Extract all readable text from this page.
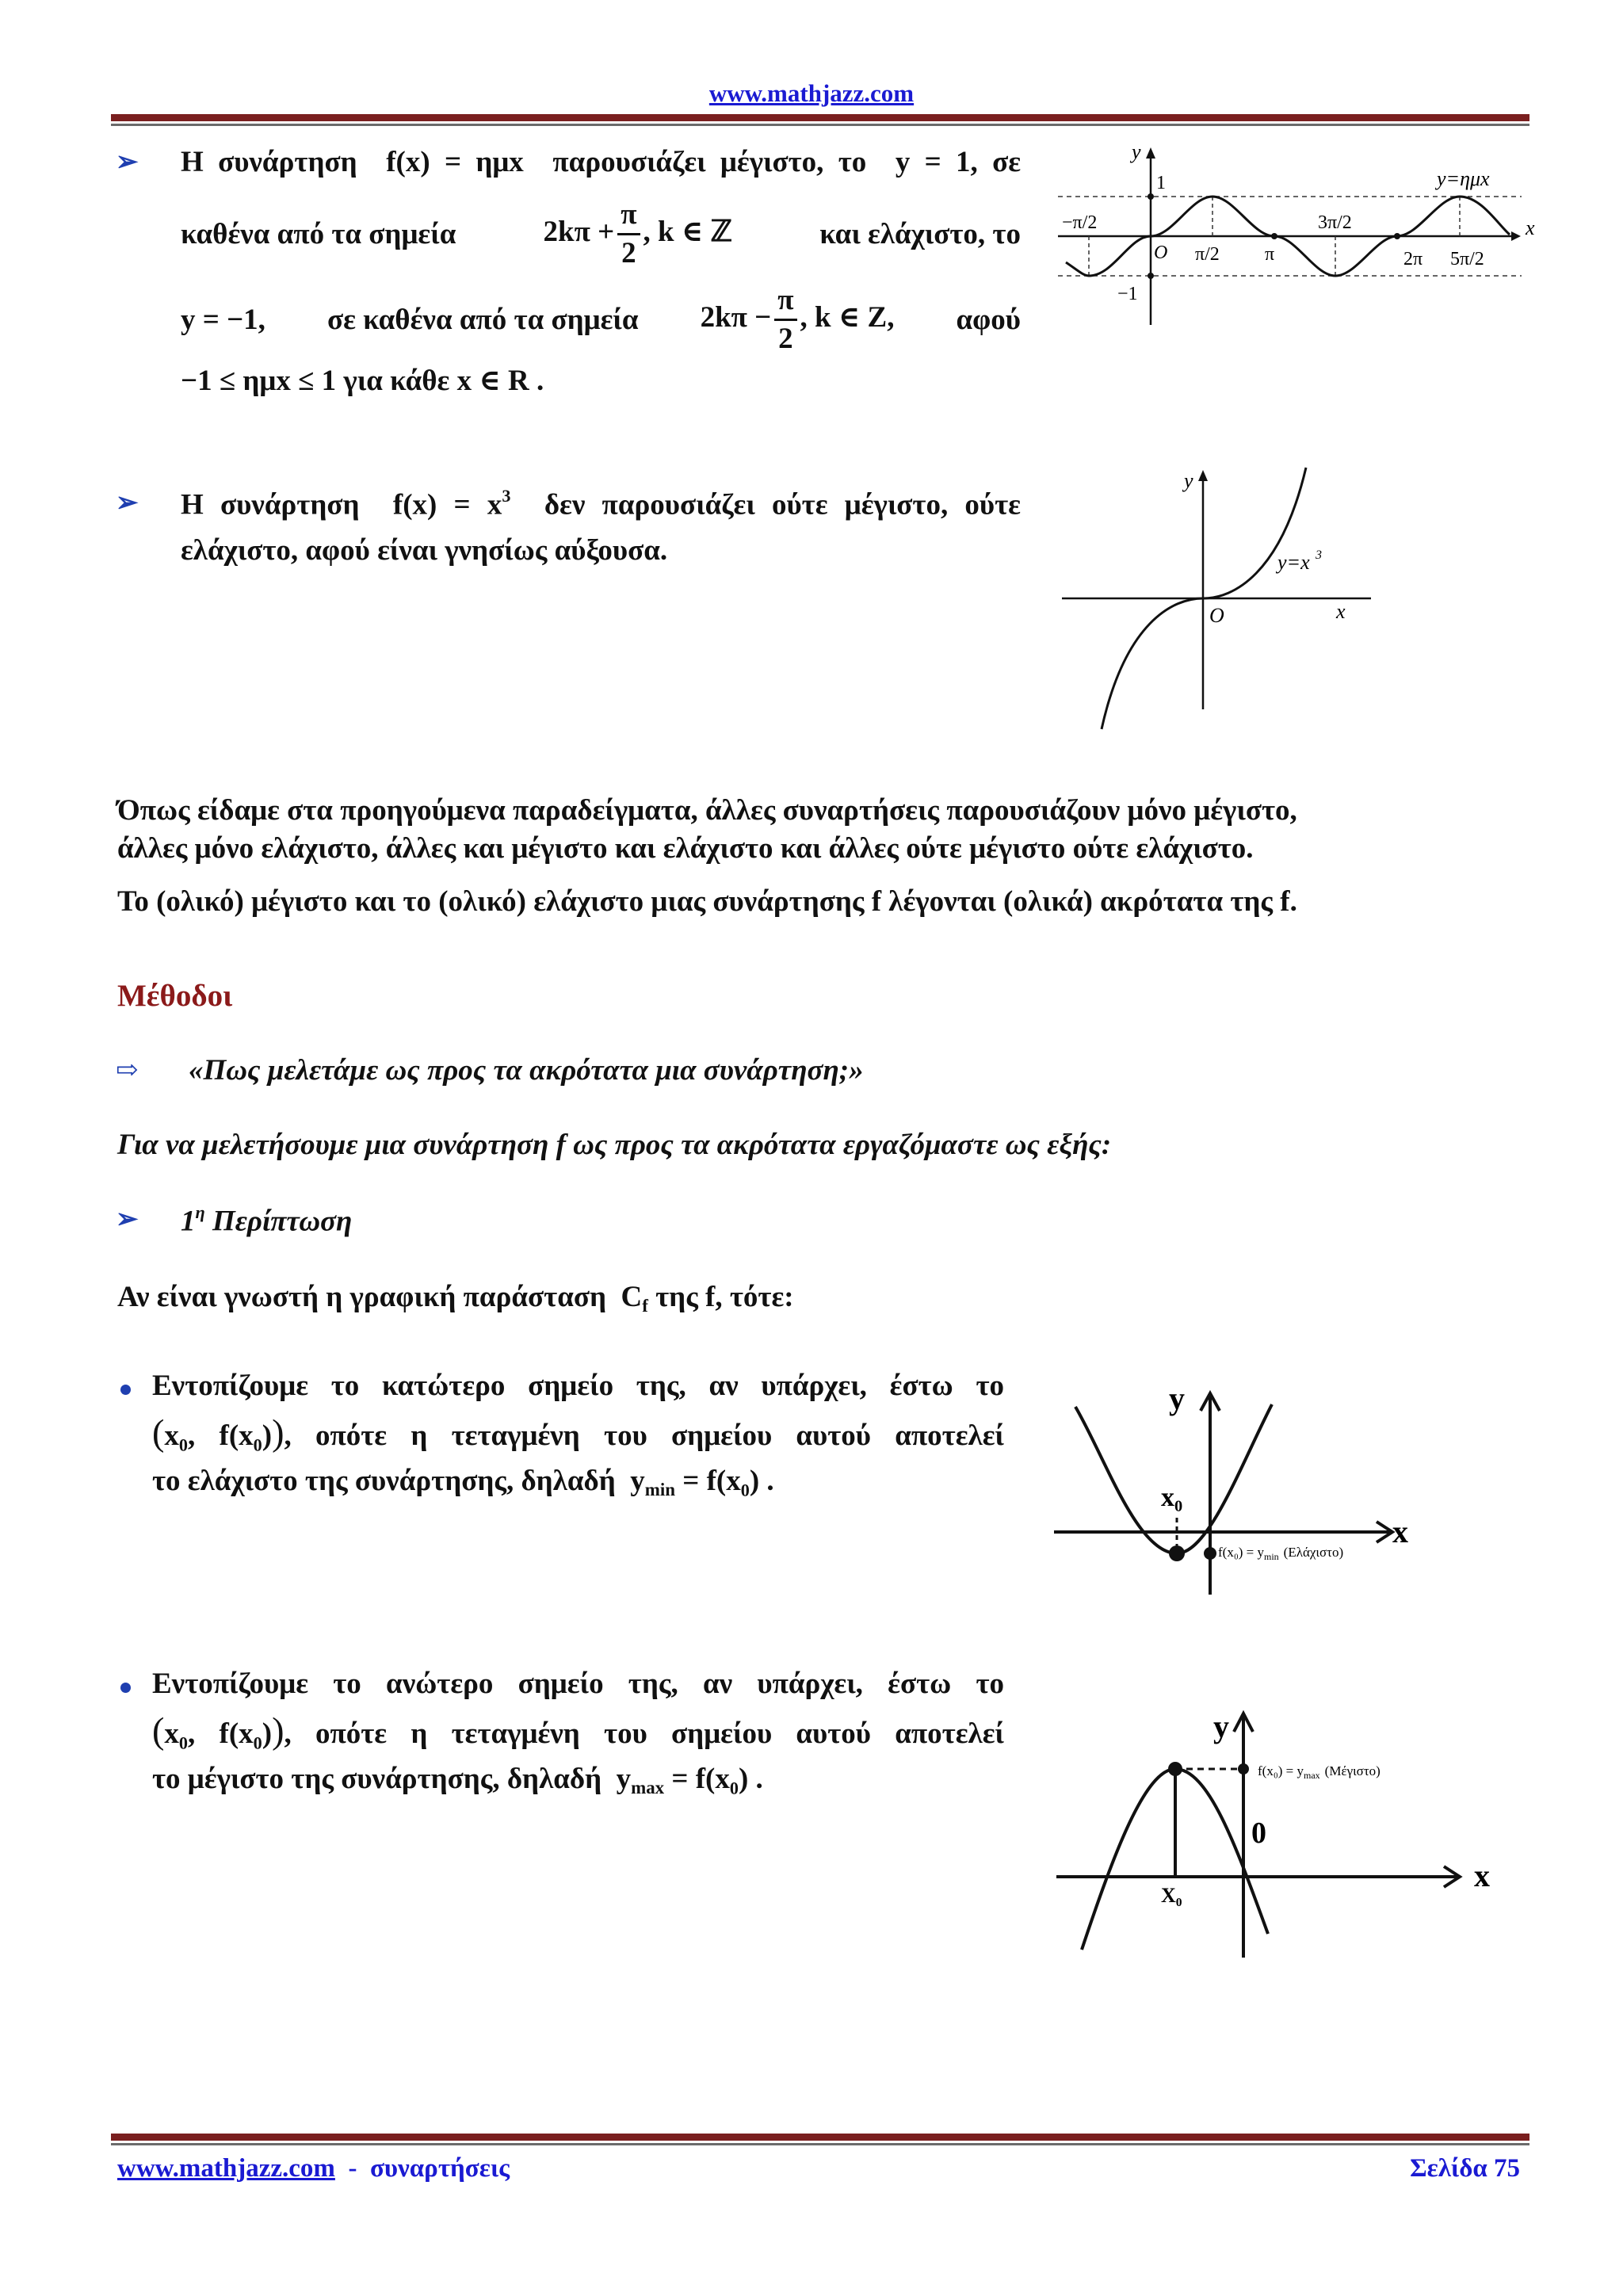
www.mathjazz.com
➢ Η συνάρτηση f(x) = ημx παρουσιάζει μέγιστο, το y = 1, σε
καθένα από τα σημεία	$2k\pi + \frac{\pi}{2}$ , k ∈ ℤ	και ελάχιστο, το
y = −1, σε καθένα από τα σημεία $2k\pi - \frac{\pi}{2}$ , k ∈ Z, αφού
−1 ≤ ημx ≤ 1 για κάθε x ∈ R .
y
x
1
−1
O
y=ημx
−π/2
π/2 π
3π/2
2π 5π/2
➢ Η συνάρτηση $f(x) = x^3$ δεν παρουσιάζει ούτε μέγιστο, ούτε
ελάχιστο, αφού είναι γνησίως αύξουσα.
y
x
O
y=x 3
Όπως είδαμε στα προηγούμενα παραδείγματα, άλλες συναρτήσεις παρουσιάζουν μόνο μέγιστο,
άλλες μόνο ελάχιστο, άλλες και μέγιστο και ελάχιστο και άλλες ούτε μέγιστο ούτε ελάχιστο.
Το (ολικό) μέγιστο και το (ολικό) ελάχιστο μιας συνάρτησης f λέγονται (ολικά) ακρότατα της f.
Μέθοδοι
⇨ «Πως μελετάμε ως προς τα ακρότατα μια συνάρτηση;»
Για να μελετήσουμε μια συνάρτηση f ως προς τα ακρότατα εργαζόμαστε ως εξής:
➢ $1^\eta$ Περίπτωση
Αν είναι γνωστή η γραφική παράσταση $C_f$ της f, τότε:
Εντοπίζουμε το κατώτερο σημείο της, αν υπάρχει, έστω το
(x₀, f(x₀)), οπότε η τεταγμένη του σημείου αυτού αποτελεί
το ελάχιστο της συνάρτησης, δηλαδή $y_{min} = f(x_0)$ .
y
x
x₀
$f(x_0) = y_{min}$ (Ελάχιστο)
Εντοπίζουμε το ανώτερο σημείο της, αν υπάρχει, έστω το
(x₀, f(x₀)), οπότε η τεταγμένη του σημείου αυτού αποτελεί
το μέγιστο της συνάρτησης, δηλαδή $y_{max} = f(x_0)$ .
y
x
X₀
0
$f(x_0) = y_{max}$ (Μέγιστο)
www.mathjazz.com  -  συναρτήσεις	Σελίδα 75
